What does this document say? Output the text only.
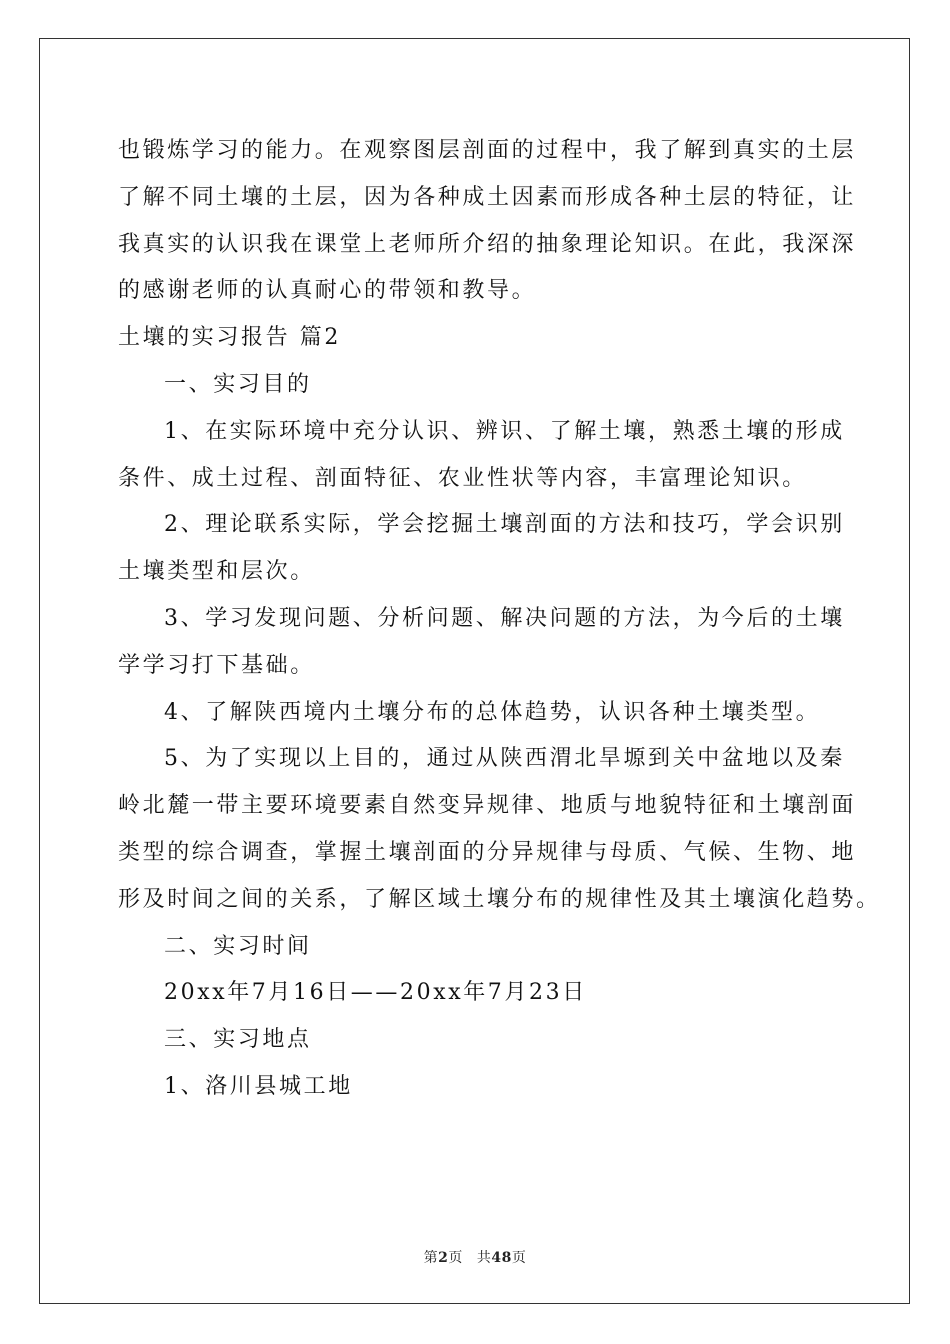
也锻炼学习的能力。在观察图层剖面的过程中，我了解到真实的土层
了解不同土壤的土层，因为各种成土因素而形成各种土层的特征，让
我真实的认识我在课堂上老师所介绍的抽象理论知识。在此，我深深
的感谢老师的认真耐心的带领和教导。
土壤的实习报告 篇2
一、实习目的
1、在实际环境中充分认识、辨识、了解土壤，熟悉土壤的形成
条件、成土过程、剖面特征、农业性状等内容，丰富理论知识。
2、理论联系实际，学会挖掘土壤剖面的方法和技巧，学会识别
土壤类型和层次。
3、学习发现问题、分析问题、解决问题的方法，为今后的土壤
学学习打下基础。
4、了解陕西境内土壤分布的总体趋势，认识各种土壤类型。
5、为了实现以上目的，通过从陕西渭北旱塬到关中盆地以及秦
岭北麓一带主要环境要素自然变异规律、地质与地貌特征和土壤剖面
类型的综合调查，掌握土壤剖面的分异规律与母质、气候、生物、地
形及时间之间的关系，了解区域土壤分布的规律性及其土壤演化趋势。
二、实习时间
20xx年7月16日——20xx年7月23日
三、实习地点
1、洛川县城工地
第2页 共48页
